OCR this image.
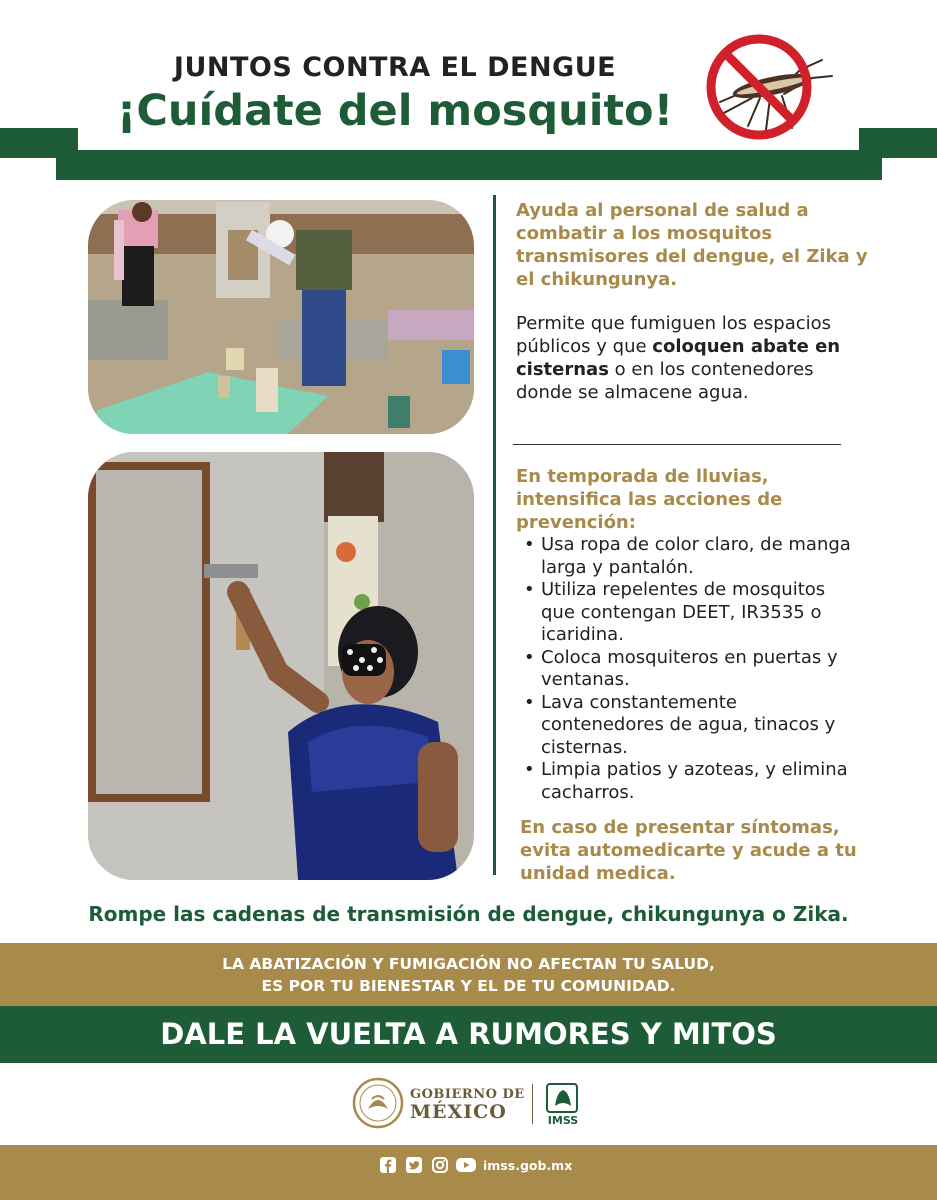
JUNTOS CONTRA EL DENGUE
¡Cuídate del mosquito!
Ayuda al personal de salud a combatir a los mosquitos transmisores del dengue, el Zika y el chikungunya.
Permite que fumiguen los espacios públicos y que coloquen abate en cisternas o en los contenedores donde se almacene agua.
En temporada de lluvias, intensifica las acciones de prevención:
• Usa ropa de color claro, de manga larga y pantalón.
• Utiliza repelentes de mosquitos que contengan DEET, IR3535 o icaridina.
• Coloca mosquiteros en puertas y ventanas.
• Lava constantemente contenedores de agua, tinacos y cisternas.
• Limpia patios y azoteas, y elimina cacharros.
En caso de presentar síntomas, evita automedicarte y acude a tu unidad medica.
Rompe las cadenas de transmisión de dengue, chikungunya o Zika.
LA ABATIZACIÓN Y FUMIGACIÓN NO AFECTAN TU SALUD,
ES POR TU BIENESTAR Y EL DE TU COMUNIDAD.
DALE LA VUELTA A RUMORES Y MITOS
GOBIERNO DE
MÉXICO	IMSS
imss.gob.mx
